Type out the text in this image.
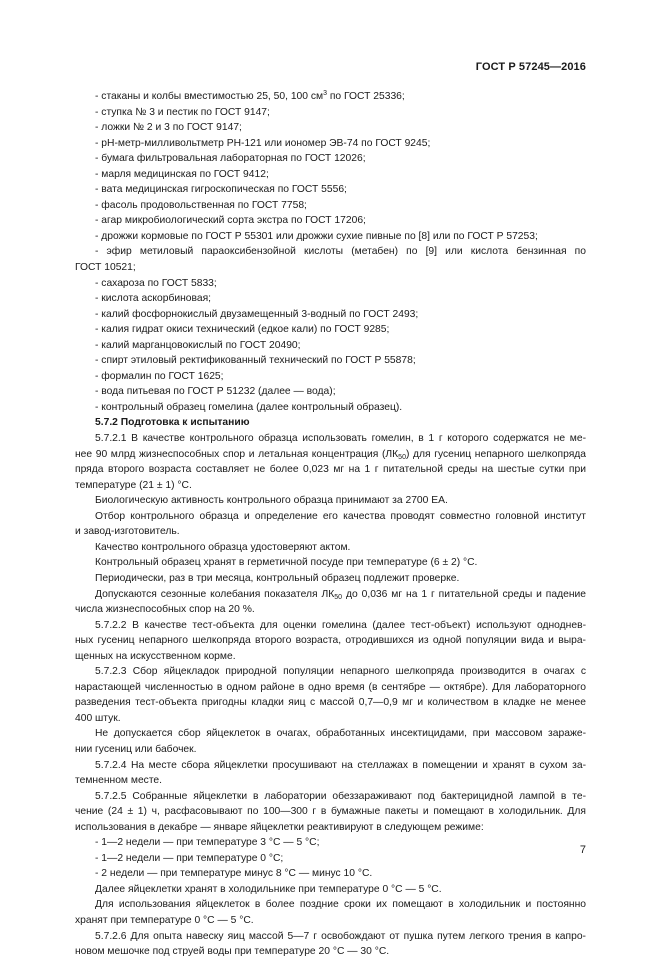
ГОСТ Р 57245—2016
- стаканы и колбы вместимостью 25, 50, 100 $см^3$ по ГОСТ 25336;
- ступка № 3 и пестик по ГОСТ 9147;
- ложки № 2 и 3 по ГОСТ 9147;
- pH-метр-милливольтметр РН-121 или иономер ЭВ-74 по ГОСТ 9245;
- бумага фильтровальная лабораторная по ГОСТ 12026;
- марля медицинская по ГОСТ 9412;
- вата медицинская гигроскопическая по ГОСТ 5556;
- фасоль продовольственная по ГОСТ 7758;
- агар микробиологический сорта экстра по ГОСТ 17206;
- дрожжи кормовые по ГОСТ Р 55301 или дрожжи сухие пивные по [8] или по ГОСТ Р 57253;
- эфир метиловый параоксибензойной кислоты (метабен) по [9] или кислота бензинная по
ГОСТ 10521;
- сахароза по ГОСТ 5833;
- кислота аскорбиновая;
- калий фосфорнокислый двузамещенный 3-водный по ГОСТ 2493;
- калия гидрат окиси технический (едкое кали) по ГОСТ 9285;
- калий марганцовокислый по ГОСТ 20490;
- спирт этиловый ректификованный технический по ГОСТ Р 55878;
- формалин по ГОСТ 1625;
- вода питьевая по ГОСТ Р 51232 (далее — вода);
- контрольный образец гомелина (далее контрольный образец).
5.7.2 Подготовка к испытанию
5.7.2.1 В качестве контрольного образца использовать гомелин, в 1 г которого содержатся не ме-
нее 90 млрд жизнеспособных спор и летальная концентрация $(ЛК_{50})$ для гусениц непарного шелкопряда
пряда второго возраста составляет не более 0,023 мг на 1 г питательной среды на шестые сутки при
температуре (21 ± 1) °С.
Биологическую активность контрольного образца принимают за 2700 ЕА.
Отбор контрольного образца и определение его качества проводят совместно головной институт
и завод-изготовитель.
Качество контрольного образца удостоверяют актом.
Контрольный образец хранят в герметичной посуде при температуре (6 ± 2) °С.
Периодически, раз в три месяца, контрольный образец подлежит проверке.
Допускаются сезонные колебания показателя $ЛК_{50}$ до 0,036 мг на 1 г питательной среды и падение
числа жизнеспособных спор на 20 %.
5.7.2.2 В качестве тест-объекта для оценки гомелина (далее тест-объект) используют одноднев-
ных гусениц непарного шелкопряда второго возраста, отродившихся из одной популяции вида и выра-
щенных на искусственном корме.
5.7.2.3 Сбор яйцекладок природной популяции непарного шелкопряда производится в очагах с
нарастающей численностью в одном районе в одно время (в сентябре — октябре). Для лабораторного
разведения тест-объекта пригодны кладки яиц с массой 0,7—0,9 мг и количеством в кладке не менее
400 штук.
Не допускается сбор яйцеклеток в очагах, обработанных инсектицидами, при массовом зараже-
нии гусениц или бабочек.
5.7.2.4 На месте сбора яйцеклетки просушивают на стеллажах в помещении и хранят в сухом за-
темненном месте.
5.7.2.5 Собранные яйцеклетки в лаборатории обеззараживают под бактерицидной лампой в те-
чение (24 ± 1) ч, расфасовывают по 100—300 г в бумажные пакеты и помещают в холодильник. Для
использования в декабре — январе яйцеклетки реактивируют в следующем режиме:
- 1—2 недели — при температуре 3 °С — 5 °С;
- 1—2 недели — при температуре 0 °С;
- 2 недели — при температуре минус 8 °С — минус 10 °С.
Далее яйцеклетки хранят в холодильнике при температуре 0 °С — 5 °С.
Для использования яйцеклеток в более поздние сроки их помещают в холодильник и постоянно
хранят при температуре 0 °С — 5 °С.
5.7.2.6 Для опыта навеску яиц массой 5—7 г освобождают от пушка путем легкого трения в капро-
новом мешочке под струей воды при температуре 20 °С — 30 °С.
7
